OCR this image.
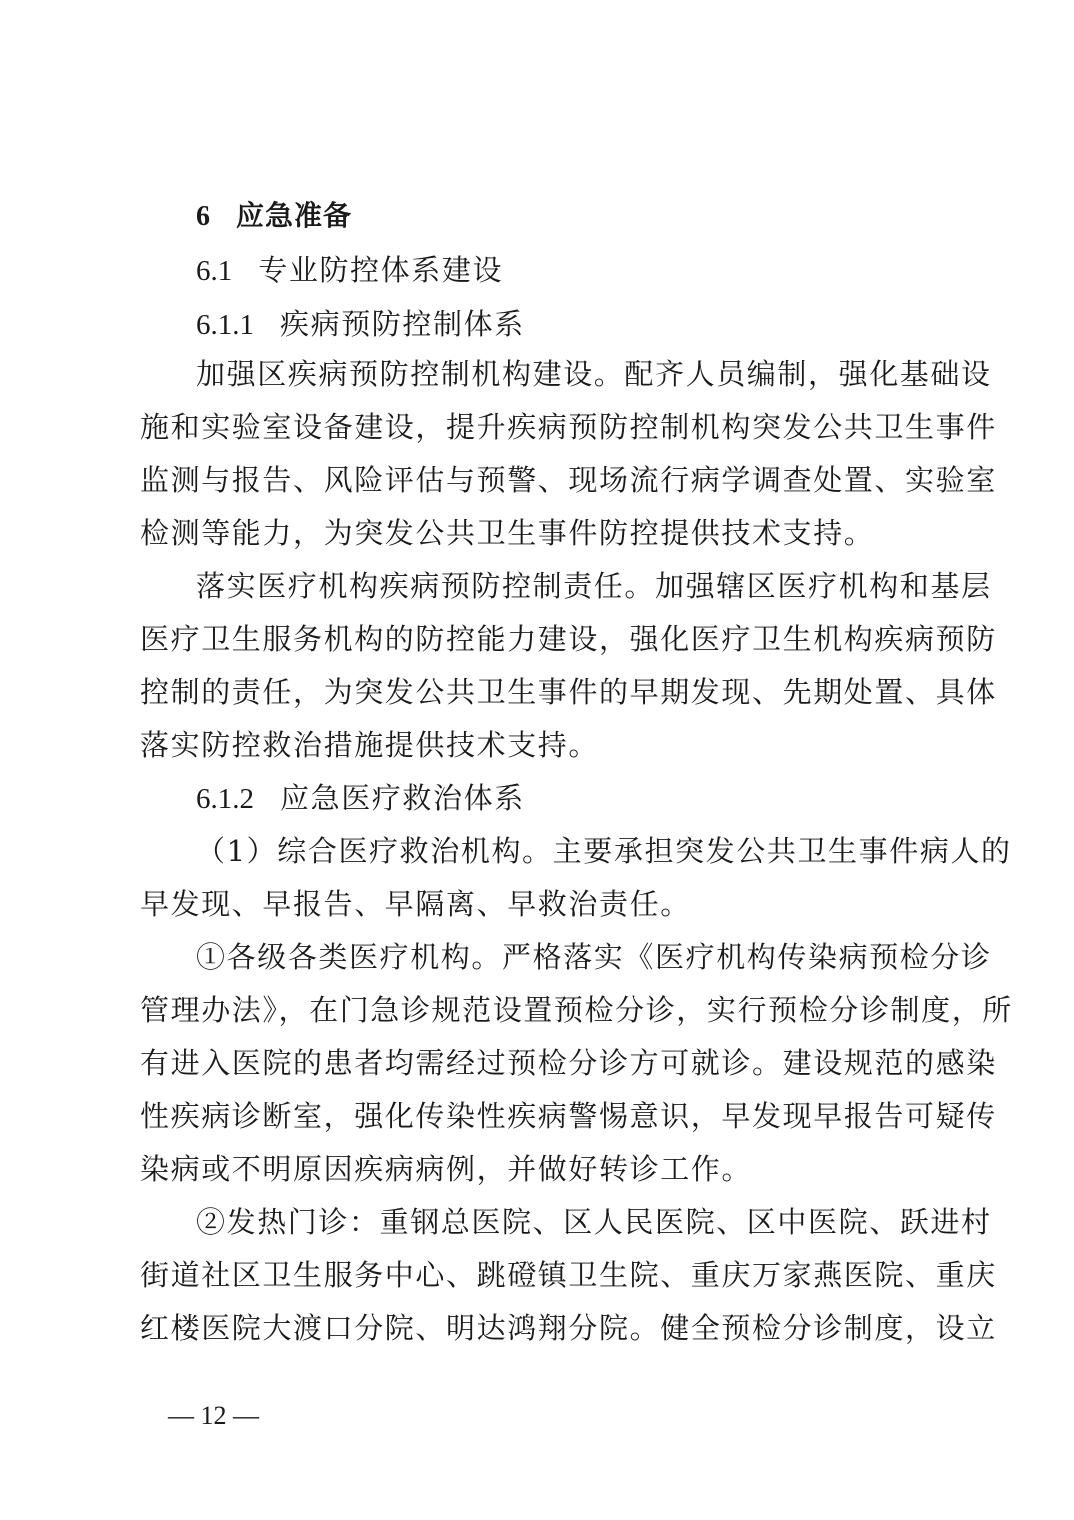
6 应急准备
6.1 专业防控体系建设
6.1.1 疾病预防控制体系
加强区疾病预防控制机构建设。配齐人员编制，强化基础设
施和实验室设备建设，提升疾病预防控制机构突发公共卫生事件
监测与报告、风险评估与预警、现场流行病学调查处置、实验室
检测等能力，为突发公共卫生事件防控提供技术支持。
落实医疗机构疾病预防控制责任。加强辖区医疗机构和基层
医疗卫生服务机构的防控能力建设，强化医疗卫生机构疾病预防
控制的责任，为突发公共卫生事件的早期发现、先期处置、具体
落实防控救治措施提供技术支持。
6.1.2 应急医疗救治体系
（1）综合医疗救治机构。主要承担突发公共卫生事件病人的
早发现、早报告、早隔离、早救治责任。
①各级各类医疗机构。严格落实《医疗机构传染病预检分诊
管理办法》，在门急诊规范设置预检分诊，实行预检分诊制度，所
有进入医院的患者均需经过预检分诊方可就诊。建设规范的感染
性疾病诊断室，强化传染性疾病警惕意识，早发现早报告可疑传
染病或不明原因疾病病例，并做好转诊工作。
②发热门诊：重钢总医院、区人民医院、区中医院、跃进村
街道社区卫生服务中心、跳磴镇卫生院、重庆万家燕医院、重庆
红楼医院大渡口分院、明达鸿翔分院。健全预检分诊制度，设立
— 12 —
